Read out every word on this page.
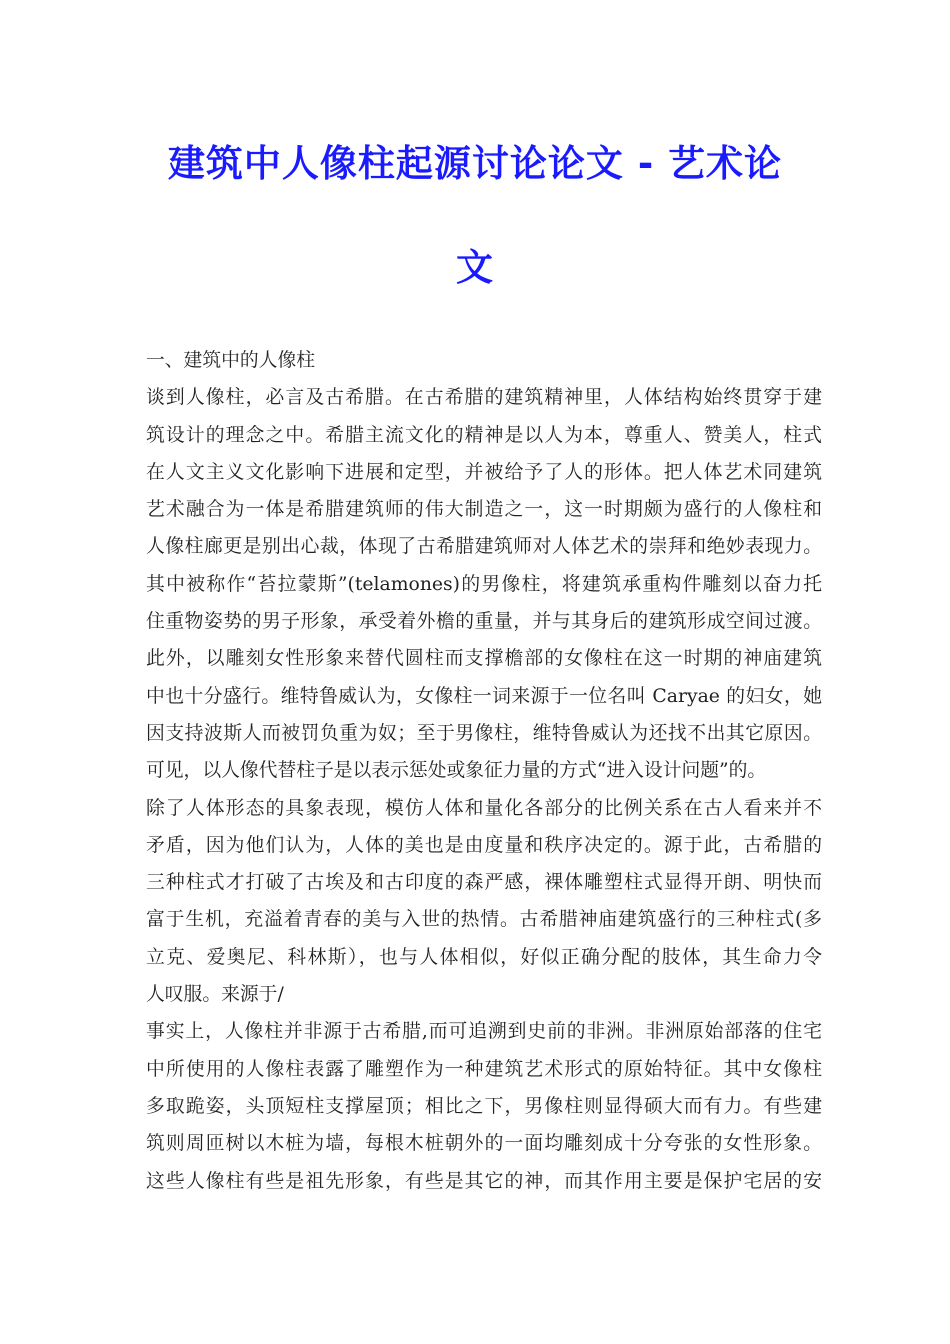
建筑中人像柱起源讨论论文 - 艺术论
文
一、建筑中的人像柱
谈到人像柱，必言及古希腊。在古希腊的建筑精神里，人体结构始终贯穿于建
筑设计的理念之中。希腊主流文化的精神是以人为本，尊重人、赞美人，柱式
在人文主义文化影响下进展和定型，并被给予了人的形体。把人体艺术同建筑
艺术融合为一体是希腊建筑师的伟大制造之一，这一时期颇为盛行的人像柱和
人像柱廊更是别出心裁，体现了古希腊建筑师对人体艺术的崇拜和绝妙表现力。
其中被称作“苔拉蒙斯”(telamones)的男像柱，将建筑承重构件雕刻以奋力托
住重物姿势的男子形象，承受着外檐的重量，并与其身后的建筑形成空间过渡。
此外，以雕刻女性形象来替代圆柱而支撑檐部的女像柱在这一时期的神庙建筑
中也十分盛行。维特鲁威认为，女像柱一词来源于一位名叫 Caryae 的妇女，她
因支持波斯人而被罚负重为奴；至于男像柱，维特鲁威认为还找不出其它原因。
可见，以人像代替柱子是以表示惩处或象征力量的方式“进入设计问题”的。
除了人体形态的具象表现，模仿人体和量化各部分的比例关系在古人看来并不
矛盾，因为他们认为，人体的美也是由度量和秩序决定的。源于此，古希腊的
三种柱式才打破了古埃及和古印度的森严感，裸体雕塑柱式显得开朗、明快而
富于生机，充溢着青春的美与入世的热情。古希腊神庙建筑盛行的三种柱式(多
立克、爱奥尼、科林斯），也与人体相似，好似正确分配的肢体，其生命力令
人叹服。来源于/
事实上，人像柱并非源于古希腊,而可追溯到史前的非洲。非洲原始部落的住宅
中所使用的人像柱表露了雕塑作为一种建筑艺术形式的原始特征。其中女像柱
多取跪姿，头顶短柱支撑屋顶；相比之下，男像柱则显得硕大而有力。有些建
筑则周匝树以木桩为墙，每根木桩朝外的一面均雕刻成十分夸张的女性形象。
这些人像柱有些是祖先形象，有些是其它的神，而其作用主要是保护宅居的安
